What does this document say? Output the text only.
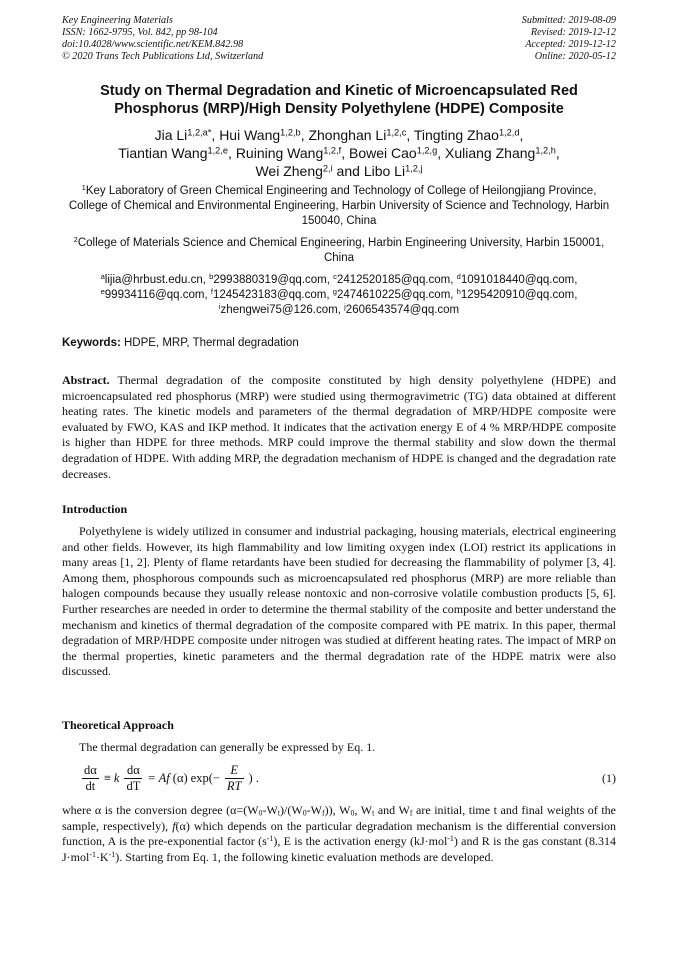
Key Engineering Materials
ISSN: 1662-9795, Vol. 842, pp 98-104
doi:10.4028/www.scientific.net/KEM.842.98
© 2020 Trans Tech Publications Ltd, Switzerland
Submitted: 2019-08-09
Revised: 2019-12-12
Accepted: 2019-12-12
Online: 2020-05-12
Study on Thermal Degradation and Kinetic of Microencapsulated Red
Phosphorus (MRP)/High Density Polyethylene (HDPE) Composite
Jia $Li^{1,2,a*}$, Hui Wang$^{1,2,b}$, Zhonghan Li$^{1,2,c}$, Tingting Zhao$^{1,2,d}$,
Tiantian Wang$^{1,2,e}$, Ruining Wang$^{1,2,f}$, Bowei Cao$^{1,2,g}$, Xuliang Zhang$^{1,2,h}$,
Wei Zheng$^{2,i}$ and Libo Li$^{1,2,j}$
$^1$Key Laboratory of Green Chemical Engineering and Technology of College of Heilongjiang Province, College of Chemical and Environmental Engineering, Harbin University of Science and Technology, Harbin 150040, China
$^2$College of Materials Science and Chemical Engineering, Harbin Engineering University, Harbin 150001, China
$^a$lijia@hrbust.edu.cn, $^b$2993880319@qq.com, $^c$2412520185@qq.com, $^d$1091018440@qq.com,
$^e$99934116@qq.com, $^f$1245423183@qq.com, $^g$2474610225@qq.com, $^h$1295420910@qq.com,
$^i$zhengwei75@126.com, $^j$2606543574@qq.com
Keywords: HDPE, MRP, Thermal degradation
Abstract. Thermal degradation of the composite constituted by high density polyethylene (HDPE) and microencapsulated red phosphorus (MRP) were studied using thermogravimetric (TG) data obtained at different heating rates. The kinetic models and parameters of the thermal degradation of MRP/HDPE composite were evaluated by FWO, KAS and IKP method. It indicates that the activation energy E of 4 % MRP/HDPE composite is higher than HDPE for three methods. MRP could improve the thermal stability and slow down the thermal degradation of HDPE. With adding MRP, the degradation mechanism of HDPE is changed and the degradation rate decreases.
Introduction
Polyethylene is widely utilized in consumer and industrial packaging, housing materials, electrical engineering and other fields. However, its high flammability and low limiting oxygen index (LOI) restrict its applications in many areas [1, 2]. Plenty of flame retardants have been studied for decreasing the flammability of polymer [3, 4]. Among them, phosphorous compounds such as microencapsulated red phosphorus (MRP) are more reliable than halogen compounds because they usually release nontoxic and non-corrosive volatile combustion products [5, 6]. Further researches are needed in order to determine the thermal stability of the composite and better understand the mechanism and kinetics of thermal degradation of the composite compared with PE matrix. In this paper, thermal degradation of MRP/HDPE composite under nitrogen was studied at different heating rates. The impact of MRP on the thermal properties, kinetic parameters and the thermal degradation rate of the HDPE matrix were also discussed.
Theoretical Approach
The thermal degradation can generally be expressed by Eq. 1.
$\frac{d\alpha}{dt} \equiv k \frac{d\alpha}{dT} = Af$ (α) $\exp(- \frac{E}{RT}$ ) .	(1)
where α is the conversion degree $(\alpha=(W_0-W_t)/(W_0-W_f))$, $W_0$, $W_t$ and $W_f$ are initial, time t and final weights of the sample, respectively), f(α) which depends on the particular degradation mechanism is the differential conversion function, A is the pre-exponential factor $(s^{-1})$, E is the activation energy (kJ·mol$^{-1}$) and R is the gas constant (8.314 $J\cdot mol^{-1}\cdot K^{-1}$). Starting from Eq. 1, the following kinetic evaluation methods are developed.
